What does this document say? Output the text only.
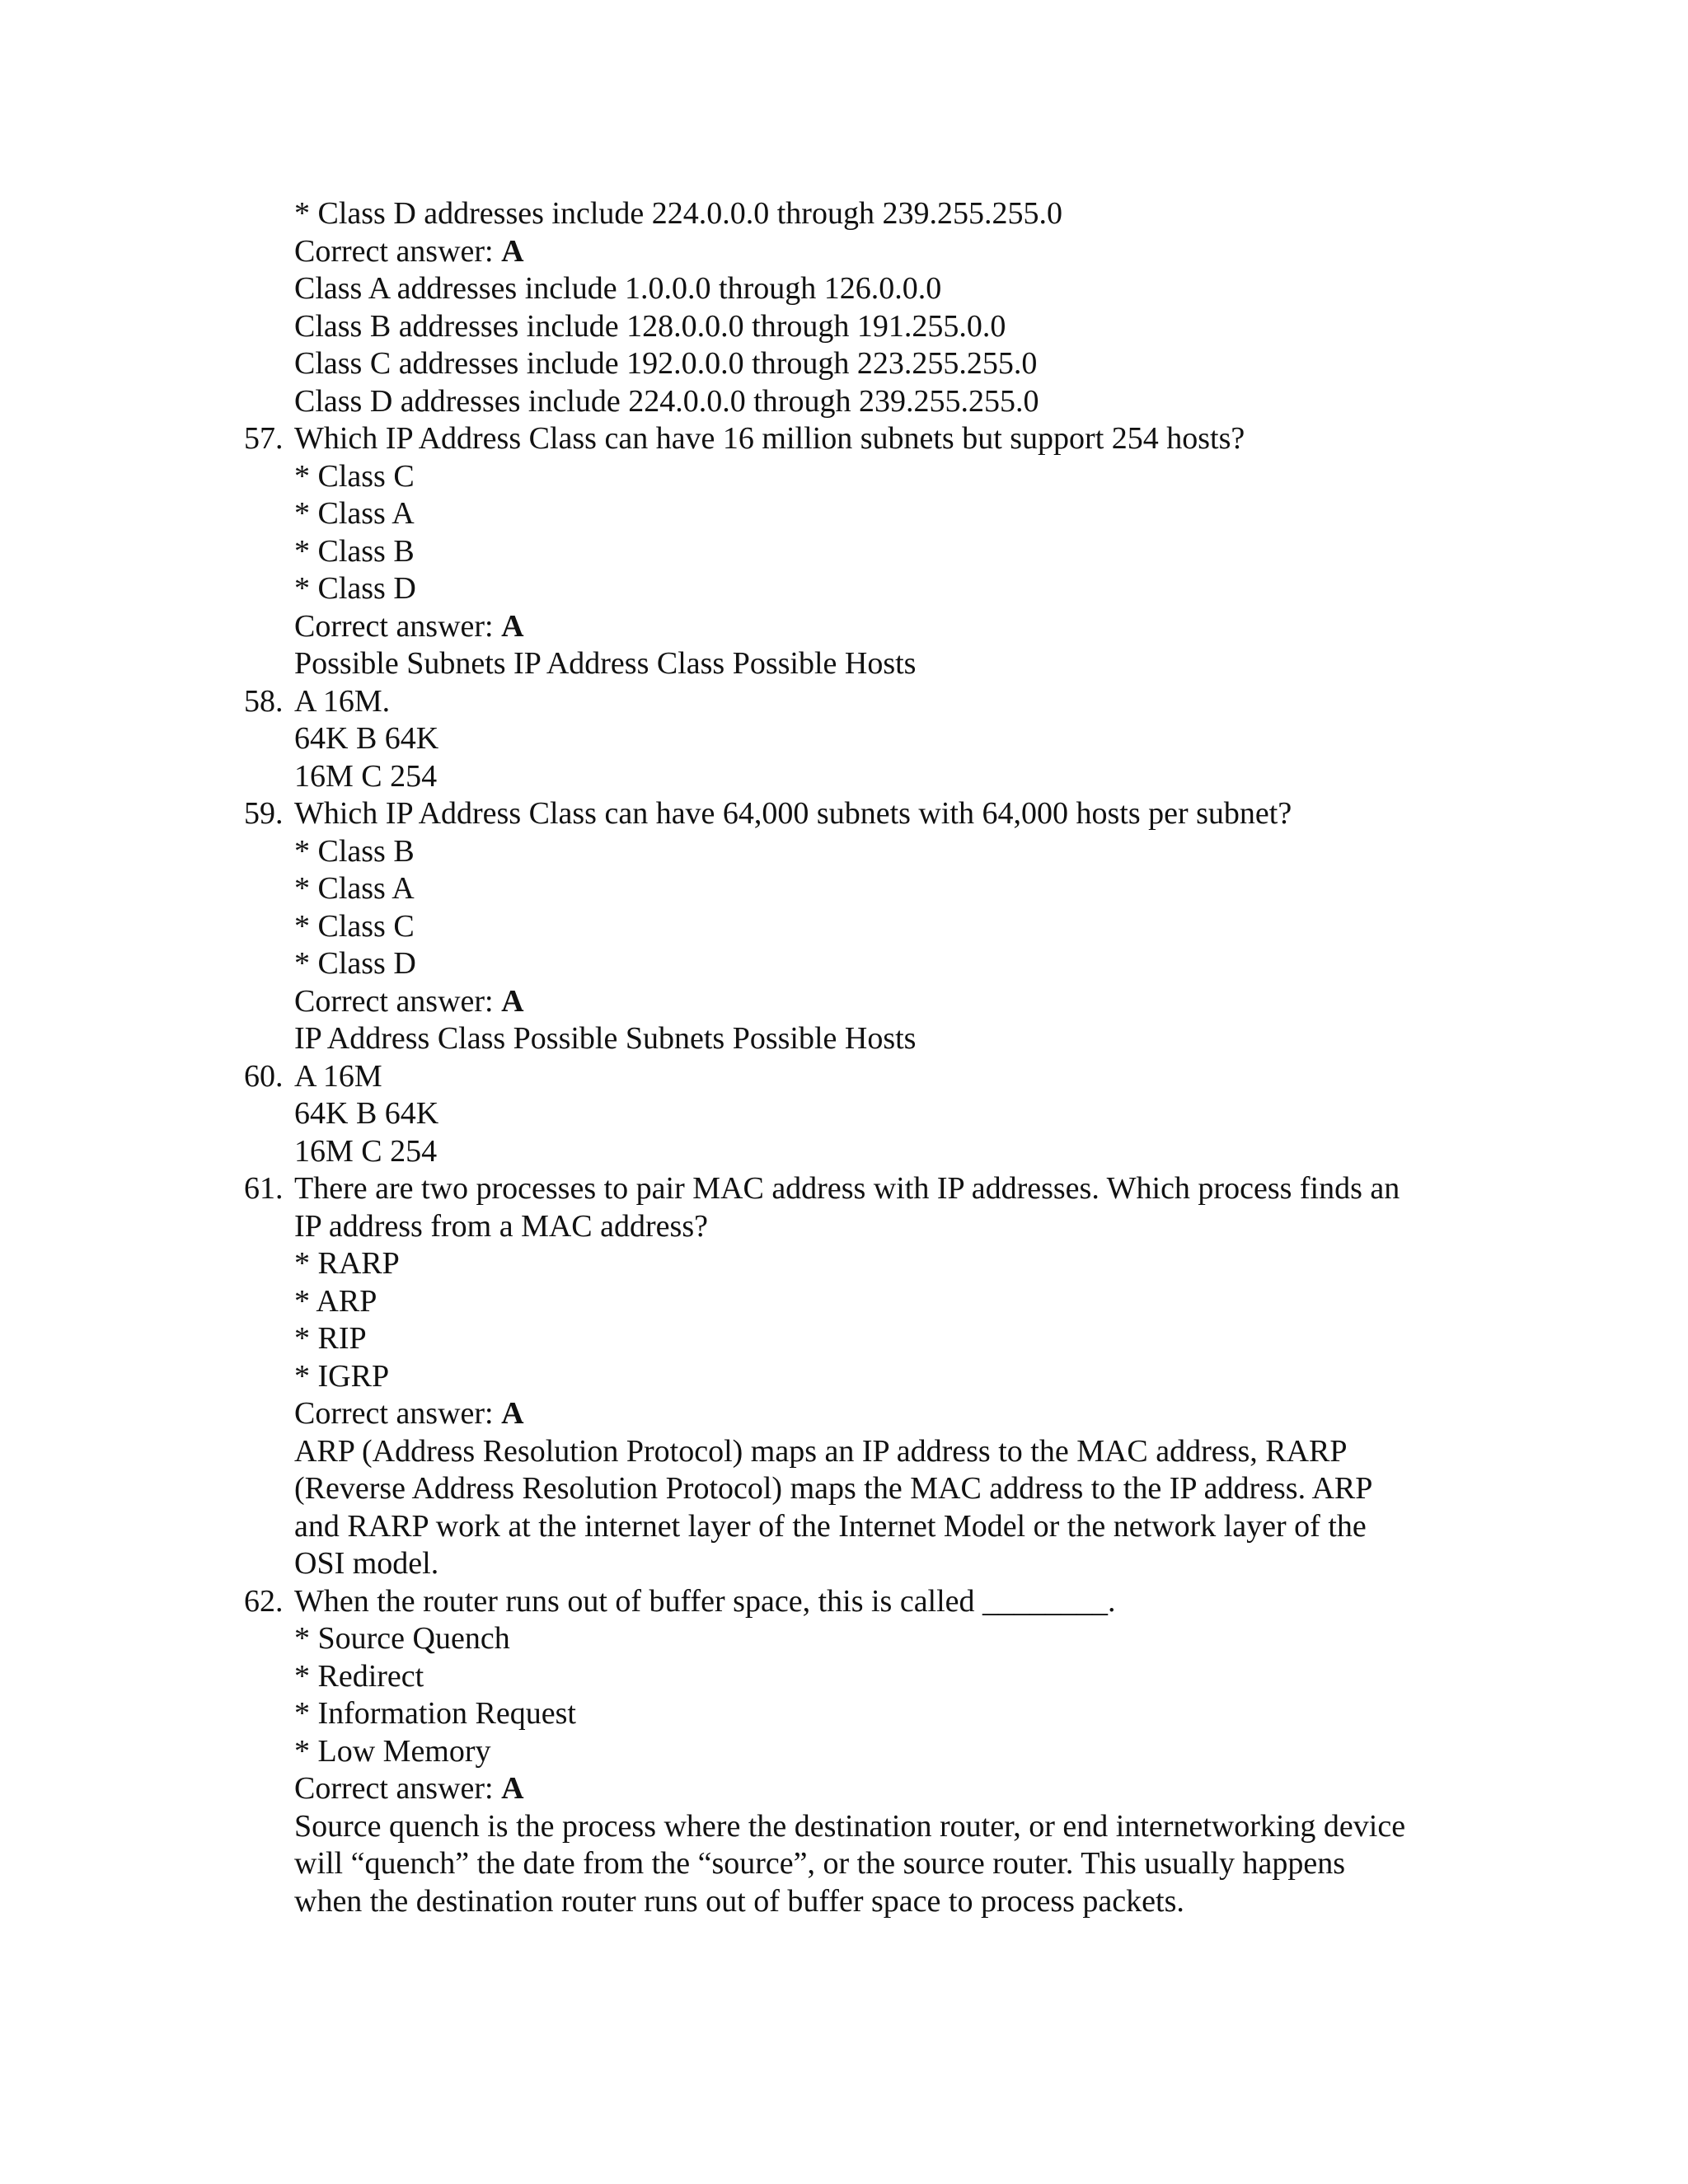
* Class D addresses include 224.0.0.0 through 239.255.255.0
Correct answer: A
Class A addresses include 1.0.0.0 through 126.0.0.0
Class B addresses include 128.0.0.0 through 191.255.0.0
Class C addresses include 192.0.0.0 through 223.255.255.0
Class D addresses include 224.0.0.0 through 239.255.255.0
57. Which IP Address Class can have 16 million subnets but support 254 hosts?
* Class C
* Class A
* Class B
* Class D
Correct answer: A
Possible Subnets IP Address Class Possible Hosts
58. A 16M.
64K B 64K
16M C 254
59. Which IP Address Class can have 64,000 subnets with 64,000 hosts per subnet?
* Class B
* Class A
* Class C
* Class D
Correct answer: A
IP Address Class Possible Subnets Possible Hosts
60. A 16M
64K B 64K
16M C 254
61. There are two processes to pair MAC address with IP addresses. Which process finds an
IP address from a MAC address?
* RARP
* ARP
* RIP
* IGRP
Correct answer: A
ARP (Address Resolution Protocol) maps an IP address to the MAC address, RARP
(Reverse Address Resolution Protocol) maps the MAC address to the IP address. ARP
and RARP work at the internet layer of the Internet Model or the network layer of the
OSI model.
62. When the router runs out of buffer space, this is called ________.
* Source Quench
* Redirect
* Information Request
* Low Memory
Correct answer: A
Source quench is the process where the destination router, or end internetworking device
will “quench” the date from the “source”, or the source router. This usually happens
when the destination router runs out of buffer space to process packets.
